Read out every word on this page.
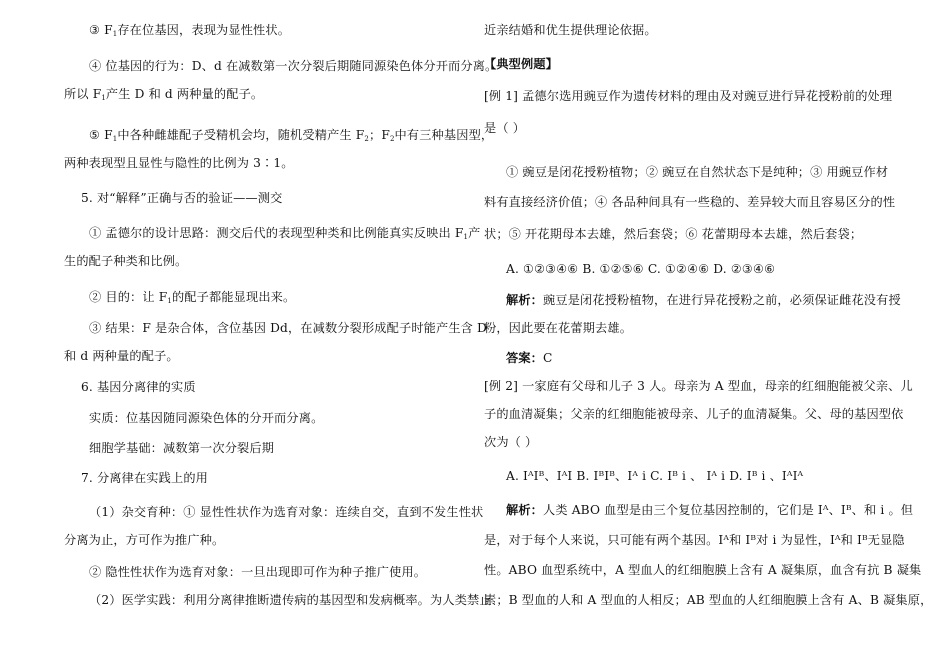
③ $F_1$存在位基因，表现为显性性状。
④ 位基因的行为：D、d 在减数第一次分裂后期随同源染色体分开而分离。
所以 $F_1$产生 D 和 d 两种量的配子。
⑤ $F_1$中各种雌雄配子受精机会均，随机受精产生 $F_2$；$F_2$中有三种基因型，
两种表现型且显性与隐性的比例为 3∶1。
5. 对“解释”正确与否的验证——测交
① 孟德尔的设计思路：测交后代的表现型种类和比例能真实反映出 $F_1$产
生的配子种类和比例。
② 目的：让 $F_1$的配子都能显现出来。
③ 结果：F 是杂合体，含位基因 Dd，在减数分裂形成配子时能产生含 D
和 d 两种量的配子。
6. 基因分离律的实质
实质：位基因随同源染色体的分开而分离。
细胞学基础：减数第一次分裂后期
7. 分离律在实践上的用
（1）杂交育种：① 显性性状作为选育对象：连续自交，直到不发生性状
分离为止，方可作为推广种。
② 隐性性状作为选育对象：一旦出现即可作为种子推广使用。
（2）医学实践：利用分离律推断遗传病的基因型和发病概率。为人类禁止
近亲结婚和优生提供理论依据。
【典型例题】
[例 1] 孟德尔选用豌豆作为遗传材料的理由及对豌豆进行异花授粉前的处理
是（ ）
① 豌豆是闭花授粉植物；② 豌豆在自然状态下是纯种；③ 用豌豆作材
料有直接经济价值；④ 各品种间具有一些稳的、差异较大而且容易区分的性
状；⑤ 开花期母本去雄，然后套袋；⑥ 花蕾期母本去雄，然后套袋；
A. ①②③④⑥ B. ①②⑤⑥ C. ①②④⑥ D. ②③④⑥
解析：豌豆是闭花授粉植物，在进行异花授粉之前，必须保证雌花没有授
粉，因此要在花蕾期去雄。
答案：C
[例 2] 一家庭有父母和儿子 3 人。母亲为 A 型血，母亲的红细胞能被父亲、儿
子的血清凝集；父亲的红细胞能被母亲、儿子的血清凝集。父、母的基因型依
次为（ ）
A. IᴬIᴮ、IᴬI B. IᴮIᴮ、Iᴬ i C. Iᴮ i 、 Iᴬ i D. Iᴮ i 、IᴬIᴬ
解析：人类 ABO 血型是由三个复位基因控制的，它们是 Iᴬ、Iᴮ、和 i 。但
是，对于每个人来说，只可能有两个基因。Iᴬ和 Iᴮ对 i 为显性，Iᴬ和 Iᴮ无显隐
性。ABO 血型系统中，A 型血人的红细胞膜上含有 A 凝集原，血含有抗 B 凝集
素；B 型血的人和 A 型血的人相反；AB 型血的人红细胞膜上含有 A、B 凝集原，
